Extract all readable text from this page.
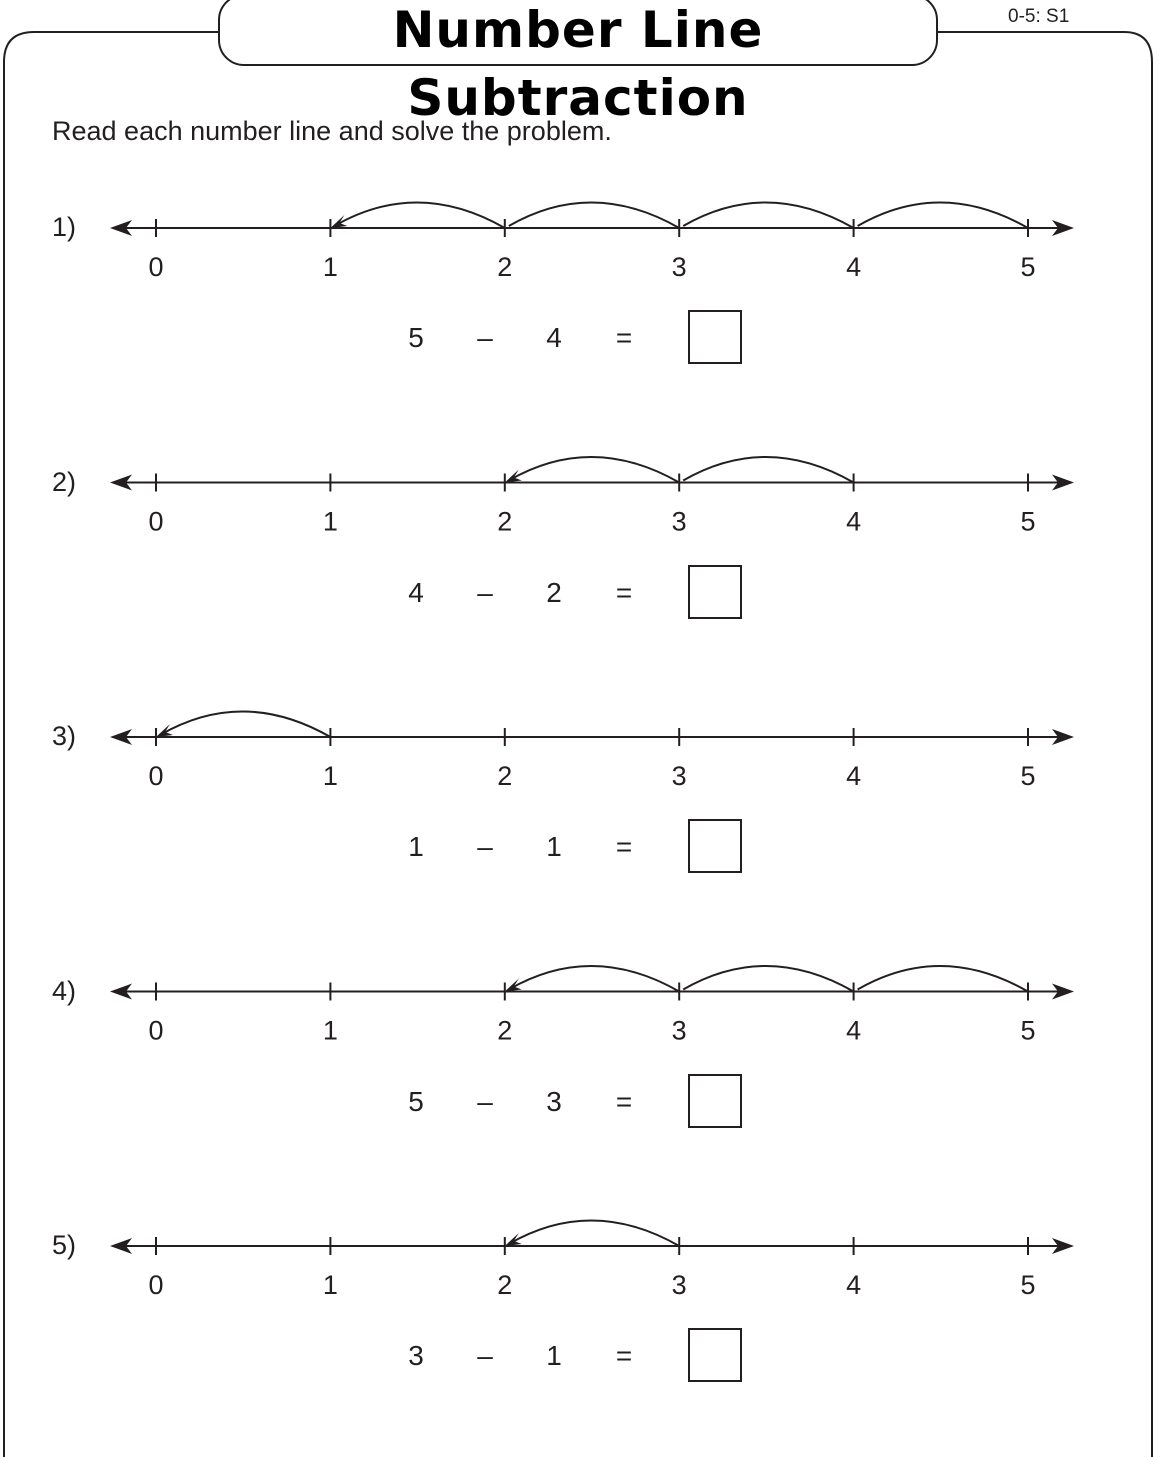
Number Line Subtraction
0-5: S1
Read each number line and solve the problem.
1)
0	1	2	3	4	5
5	–	4	=
2)
0	1	2	3	4	5
4	–	2	=
3)
0	1	2	3	4	5
1	–	1	=
4)
0	1	2	3	4	5
5	–	3	=
5)
0	1	2	3	4	5
3	–	1	=
